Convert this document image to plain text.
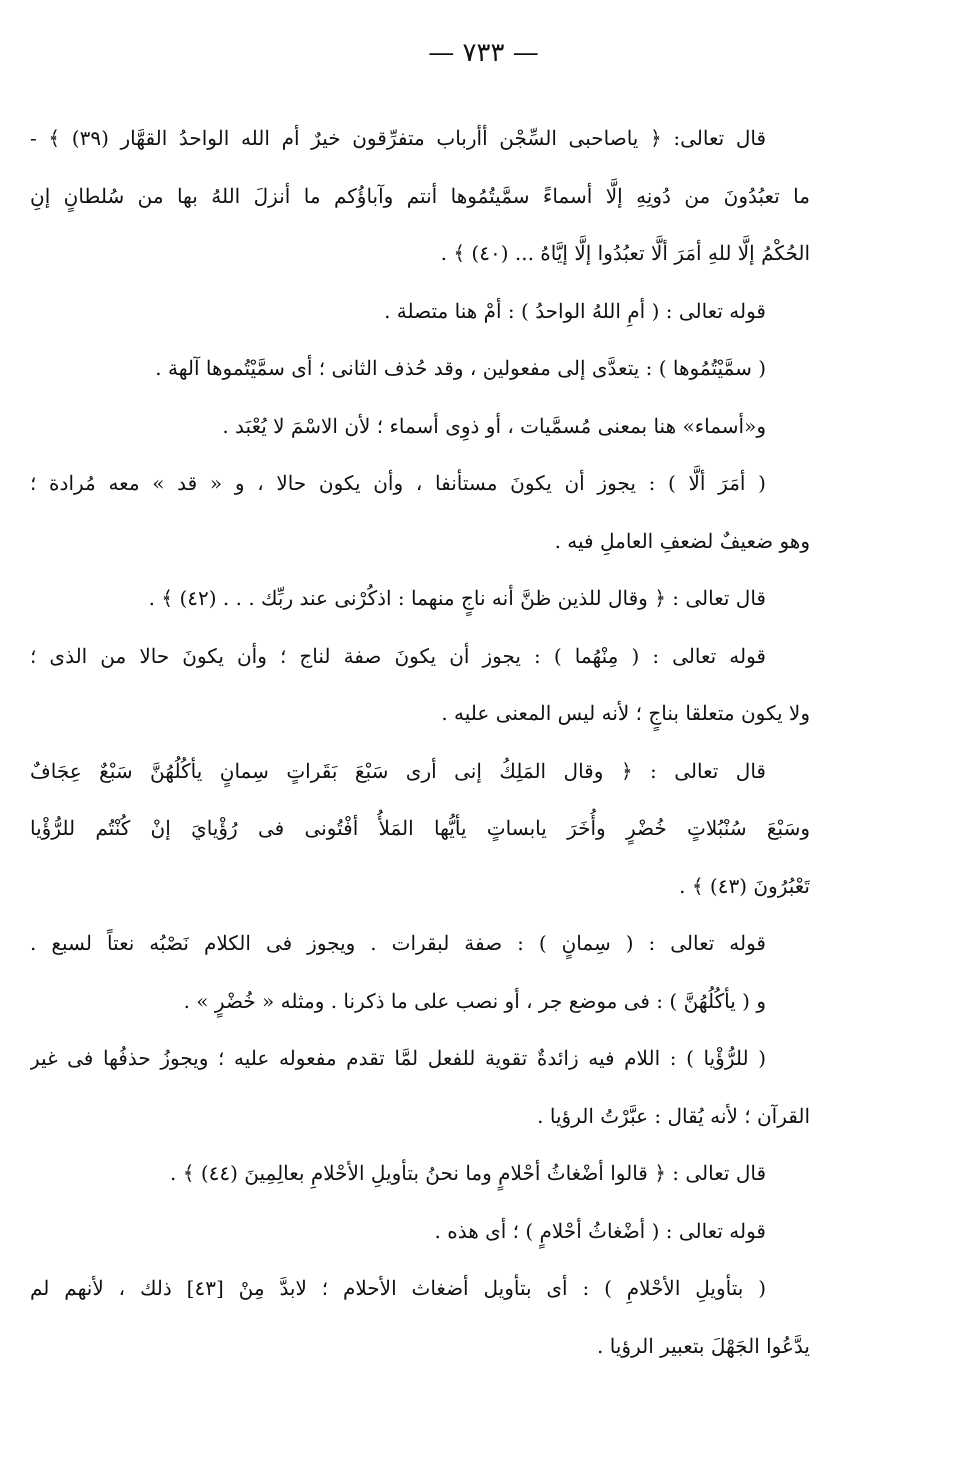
— ٧٣٣ —
قال تعالى: ﴿ ياصاحبى السِّجْن أأرباب متفرِّقون خيرٌ أم الله الواحدُ القهَّار (٣٩) ﴾ -
ما تعبُدُونَ من دُونِهِ إلَّا أسماءً سمَّيتُمُوها أنتم وآباؤُكم ما أنزلَ اللهُ بها من سُلطانٍ إنِ
الحُكْمُ إلَّا للهِ أمَرَ ألَّا تعبُدُوا إلَّا إيَّاهُ ... (٤٠) ﴾ .
قوله تعالى : ( أمِ اللهُ الواحدُ ) : أمْ هنا متصلة .
( سمَّيْتُمُوها ) : يتعدَّى إلى مفعولين ، وقد حُذف الثانى ؛ أى سمَّيْتُموها آلهة .
و«أسماء» هنا بمعنى مُسمَّيات ، أو ذوِى أسماء ؛ لأن الاسْمَ لا يُعْبَد .
( أمَرَ ألَّا ) : يجوز أن يكونَ مستأنفا ، وأن يكون حالا ، و « قد » معه مُرادة ؛
وهو ضعيفٌ لضعفِ العاملِ فيه .
قال تعالى : ﴿ وقال للذين ظنَّ أنه ناجٍ منهما : اذكُرْنى عند ربِّك . . . (٤٢) ﴾ .
قوله تعالى : ( مِنْهُما ) : يجوز أن يكونَ صفة لناج ؛ وأن يكونَ حالا من الذى ؛
ولا يكون متعلقا بناجٍ ؛ لأنه ليس المعنى عليه .
قال تعالى : ﴿ وقال المَلِكُ إنى أرى سَبْعَ بَقَراتٍ سِمانٍ يأكُلُهُنَّ سَبْعٌ عِجَافٌ
وسَبْعَ سُنْبُلاتٍ خُضْرٍ وأُخَرَ يابساتٍ يأيُّها المَلأُ أفْتُونى فى رُؤْيايَ إنْ كُنْتُم للرُّؤْيا
تَعْبُرُونَ (٤٣) ﴾ .
قوله تعالى : ( سِمانٍ ) : صفة لبقرات . ويجوز فى الكلام نَصْبُه نعتاً لسبع .
و ( يأكُلُهُنَّ ) : فى موضع جر ، أو نصب على ما ذكرنا . ومثله « خُضْرٍ » .
( للرُّؤْيا ) : اللام فيه زائدةٌ تقوية للفعل لمَّا تقدم مفعوله عليه ؛ ويجوزُ حذفُها فى غير
القرآن ؛ لأنه يُقال : عبَّرْتُ الرؤيا .
قال تعالى : ﴿ قالوا أضْغاثُ أحْلامٍ وما نحنُ بتأويلِ الأحْلامِ بعالِمِينَ (٤٤) ﴾ .
قوله تعالى : ( أضْغاثُ أحْلامٍ ) ؛ أى هذه .
( بتأويلِ الأحْلامِ ) : أى بتأويل أضغاث الأحلام ؛ لابدَّ مِنْ [٤٣] ذلك ، لأنهم لم
يدَّعُوا الجَهْلَ بتعبير الرؤيا .
